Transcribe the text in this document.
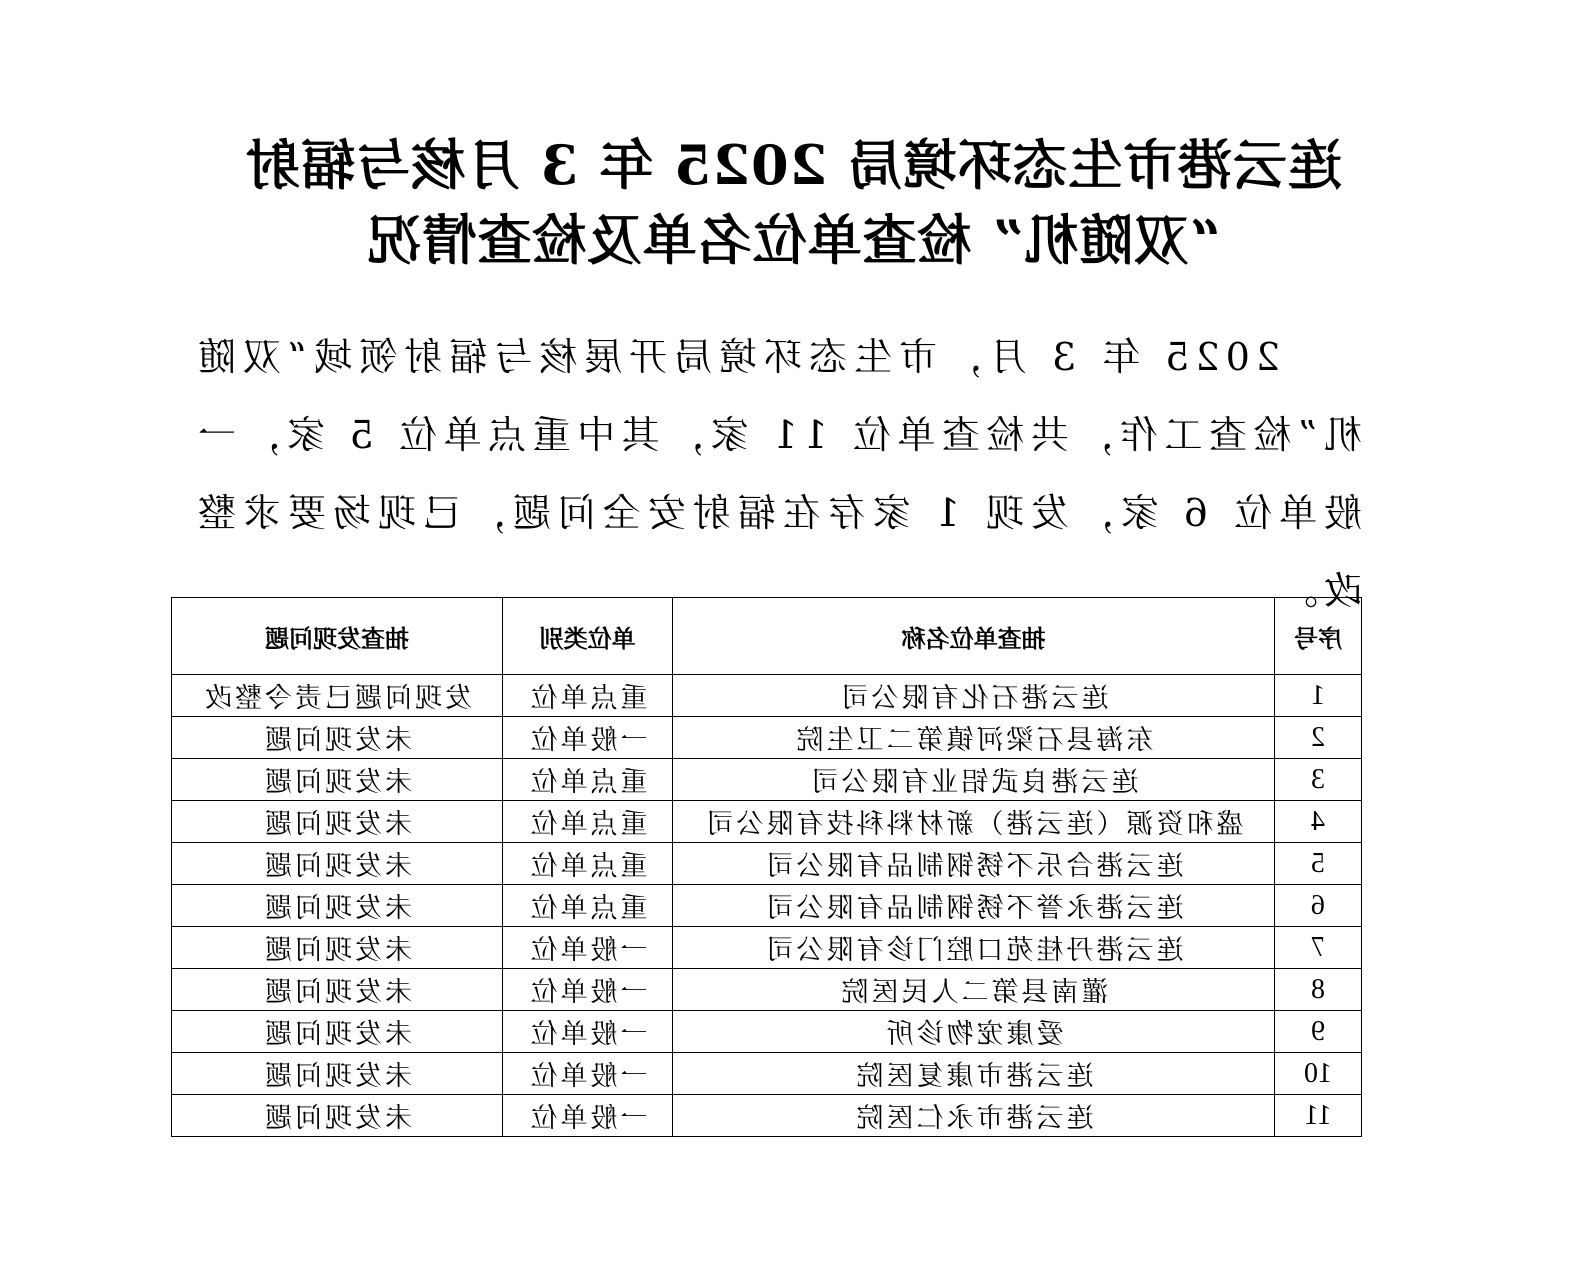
连云港市生态环境局 2025 年 3 月核与辐射
“双随机” 检查单位名单及检查情况

2025 年 3 月，市生态环境局开展核与辐射领域“双随机”检查工作，共检查单位 11 家，其中重点单位 5 家，一般单位 6 家，发现 1 家存在辐射安全问题，已现场要求整改。

序号	抽查单位名称	单位类别	抽查发现问题
1	连云港石化有限公司	重点单位	发现问题已责令整改
2	东海县石梁河镇第二卫生院	一般单位	未发现问题
3	连云港良武铝业有限公司	重点单位	未发现问题
4	盛和资源（连云港）新材料科技有限公司	重点单位	未发现问题
5	连云港合乐不锈钢制品有限公司	重点单位	未发现问题
6	连云港永誉不锈钢制品有限公司	重点单位	未发现问题
7	连云港丹桂苑口腔门诊有限公司	一般单位	未发现问题
8	灌南县第二人民医院	一般单位	未发现问题
9	爱康宠物诊所	一般单位	未发现问题
10	连云港市康复医院	一般单位	未发现问题
11	连云港市永仁医院	一般单位	未发现问题
